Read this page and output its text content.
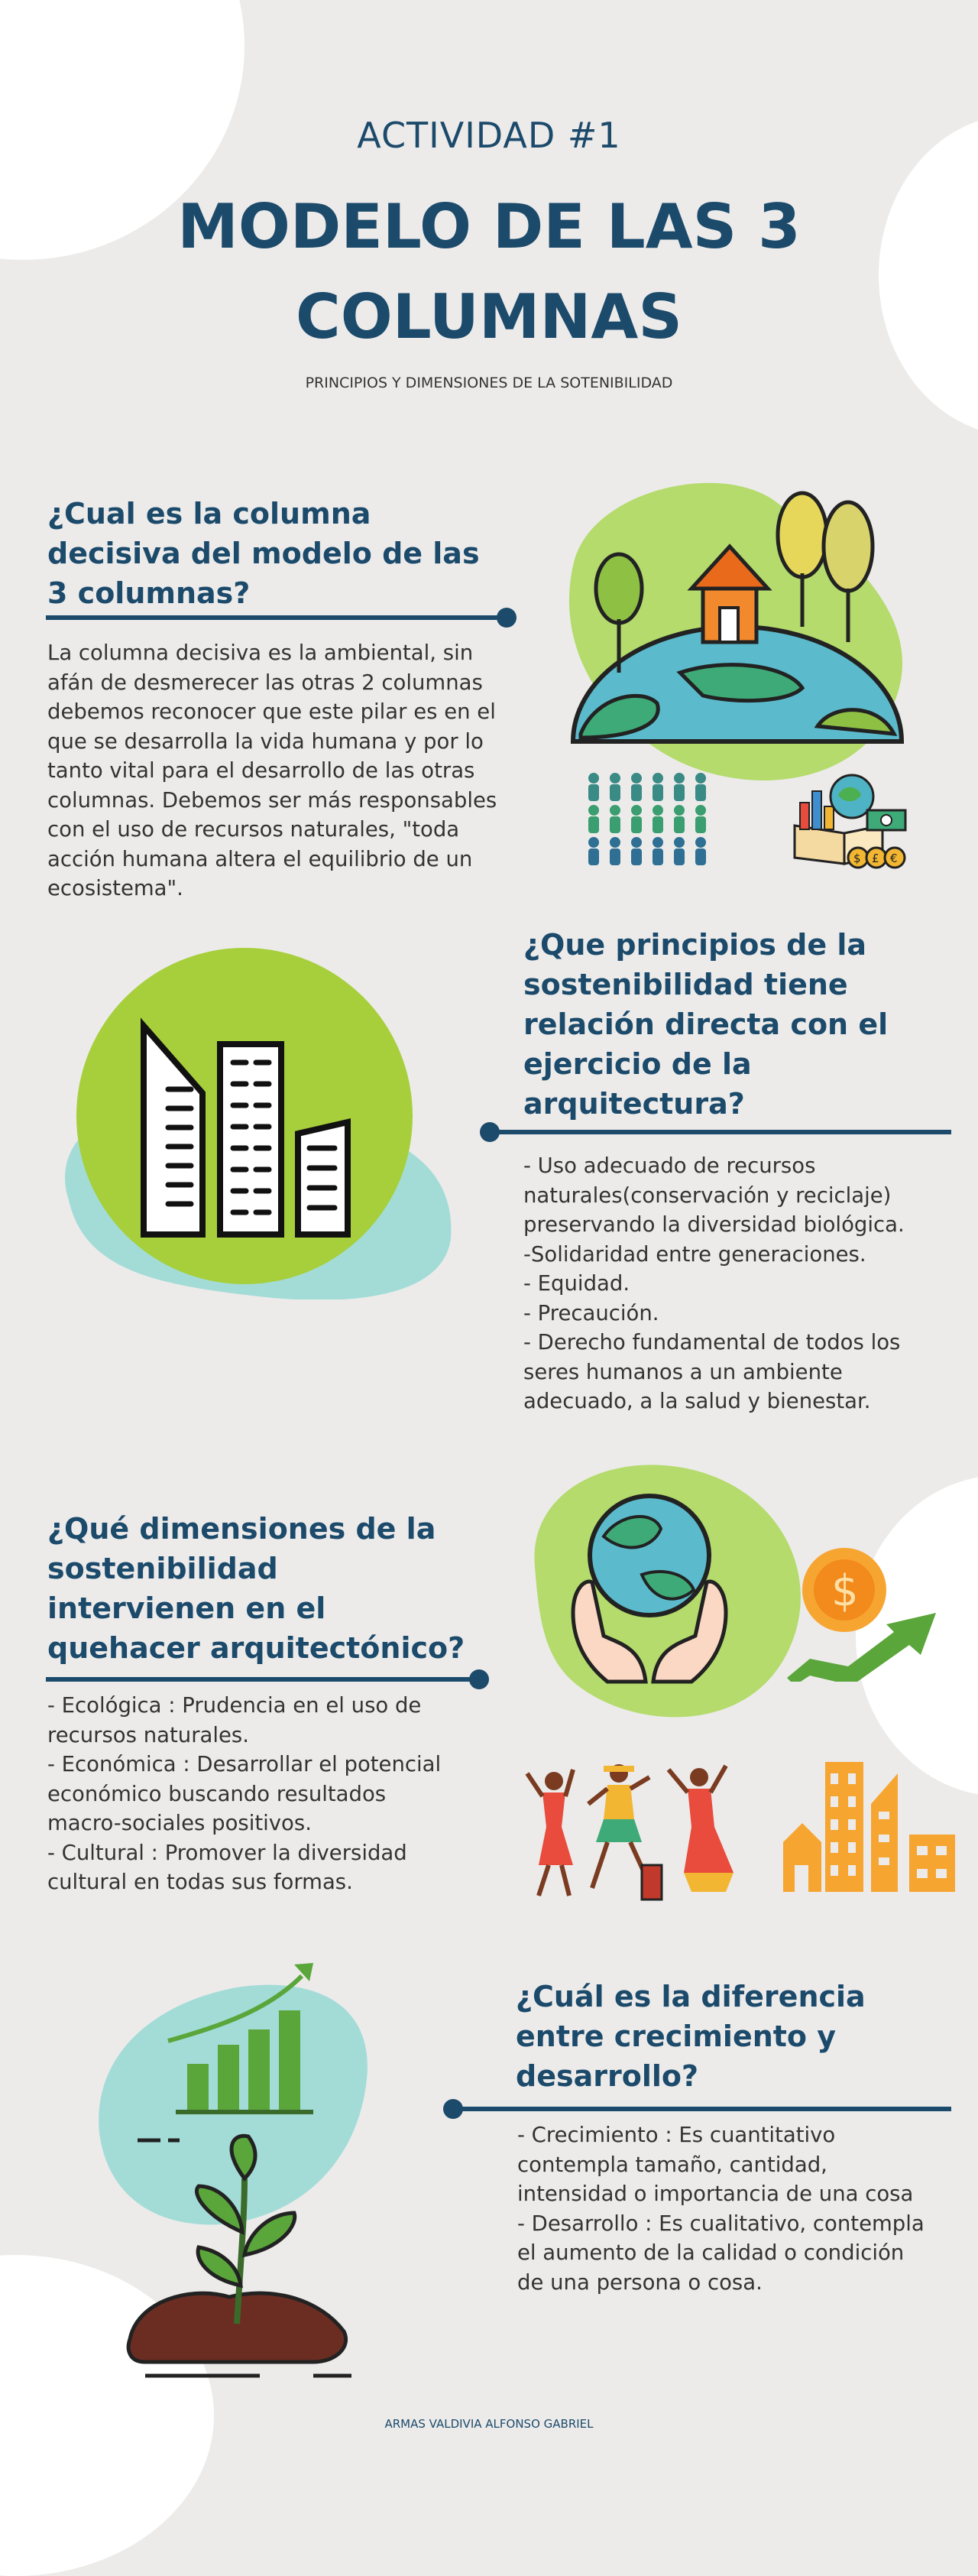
ACTIVIDAD #1
MODELO DE LAS 3 COLUMNAS
PRINCIPIOS Y DIMENSIONES DE LA SOTENIBILIDAD
¿Cual es la columna decisiva del modelo de las 3 columnas?
La columna decisiva es la ambiental, sin afán de desmerecer las otras 2 columnas debemos reconocer que este pilar es en el que se desarrolla la vida humana y por lo tanto vital para el desarrollo de las otras columnas. Debemos ser más responsables con el uso de recursos naturales, "toda acción humana altera el equilibrio de un ecosistema".
$ £ €
¿Que principios de la sostenibilidad tiene relación directa con el ejercicio de la arquitectura?
- Uso adecuado de recursos naturales(conservación y reciclaje) preservando la diversidad biológica.
-Solidaridad entre generaciones.
- Equidad.
- Precaución.
- Derecho fundamental de todos los seres humanos a un ambiente adecuado, a la salud y bienestar.
¿Qué dimensiones de la sostenibilidad intervienen en el quehacer arquitectónico?
- Ecológica : Prudencia en el uso de recursos naturales.
- Económica : Desarrollar el potencial económico buscando resultados macro-sociales positivos.
- Cultural : Promover la diversidad cultural en todas sus formas.
$
¿Cuál es la diferencia entre crecimiento y desarrollo?
- Crecimiento : Es cuantitativo contempla tamaño, cantidad, intensidad o importancia de una cosa
- Desarrollo : Es cualitativo, contempla el aumento de la calidad o condición de una persona o cosa.
ARMAS VALDIVIA ALFONSO GABRIEL
